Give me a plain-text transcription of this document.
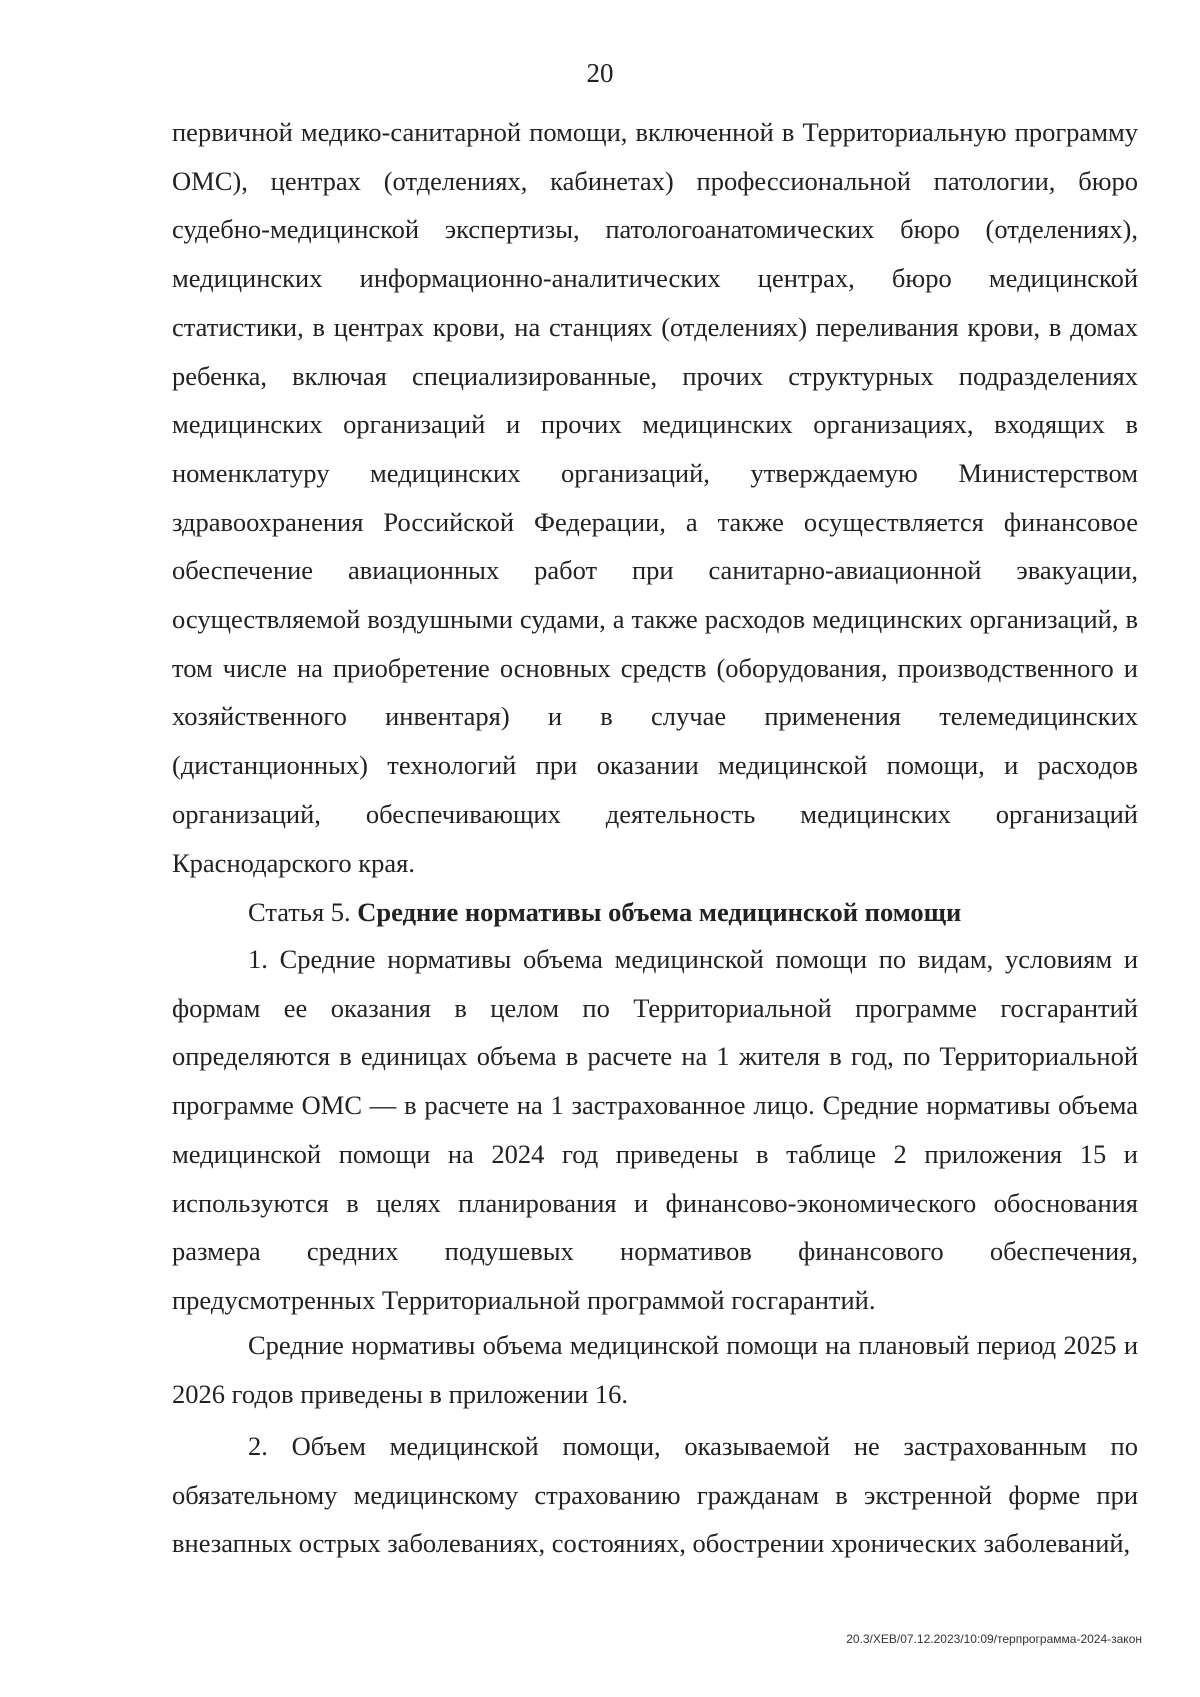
20

первичной медико-санитарной помощи, включенной в Территориальную программу ОМС), центрах (отделениях, кабинетах) профессиональной патологии, бюро судебно-медицинской экспертизы, патологоанатомических бюро (отделениях), медицинских информационно-аналитических центрах, бюро медицинской статистики, в центрах крови, на станциях (отделениях) переливания крови, в домах ребенка, включая специализированные, прочих структурных подразделениях медицинских организаций и прочих медицинских организациях, входящих в номенклатуру медицинских организаций, утверждаемую Министерством здравоохранения Российской Федерации, а также осуществляется финансовое обеспечение авиационных работ при санитарно-авиационной эвакуации, осуществляемой воздушными судами, а также расходов медицинских организаций, в том числе на приобретение основных средств (оборудования, производственного и хозяйственного инвентаря) и в случае применения телемедицинских (дистанционных) технологий при оказании медицинской помощи, и расходов организаций, обеспечивающих деятельность медицинских организаций Краснодарского края.

Статья 5. Средние нормативы объема медицинской помощи

1. Средние нормативы объема медицинской помощи по видам, условиям и формам ее оказания в целом по Территориальной программе госгарантий определяются в единицах объема в расчете на 1 жителя в год, по Территориальной программе ОМС — в расчете на 1 застрахованное лицо. Средние нормативы объема медицинской помощи на 2024 год приведены в таблице 2 приложения 15 и используются в целях планирования и финансово-экономического обоснования размера средних подушевых нормативов финансового обеспечения, предусмотренных Территориальной программой госгарантий.

Средние нормативы объема медицинской помощи на плановый период 2025 и 2026 годов приведены в приложении 16.

2. Объем медицинской помощи, оказываемой не застрахованным по обязательному медицинскому страхованию гражданам в экстренной форме при внезапных острых заболеваниях, состояниях, обострении хронических заболеваний,

20.3/ХЕВ/07.12.2023/10:09/терпрограмма-2024-закон
